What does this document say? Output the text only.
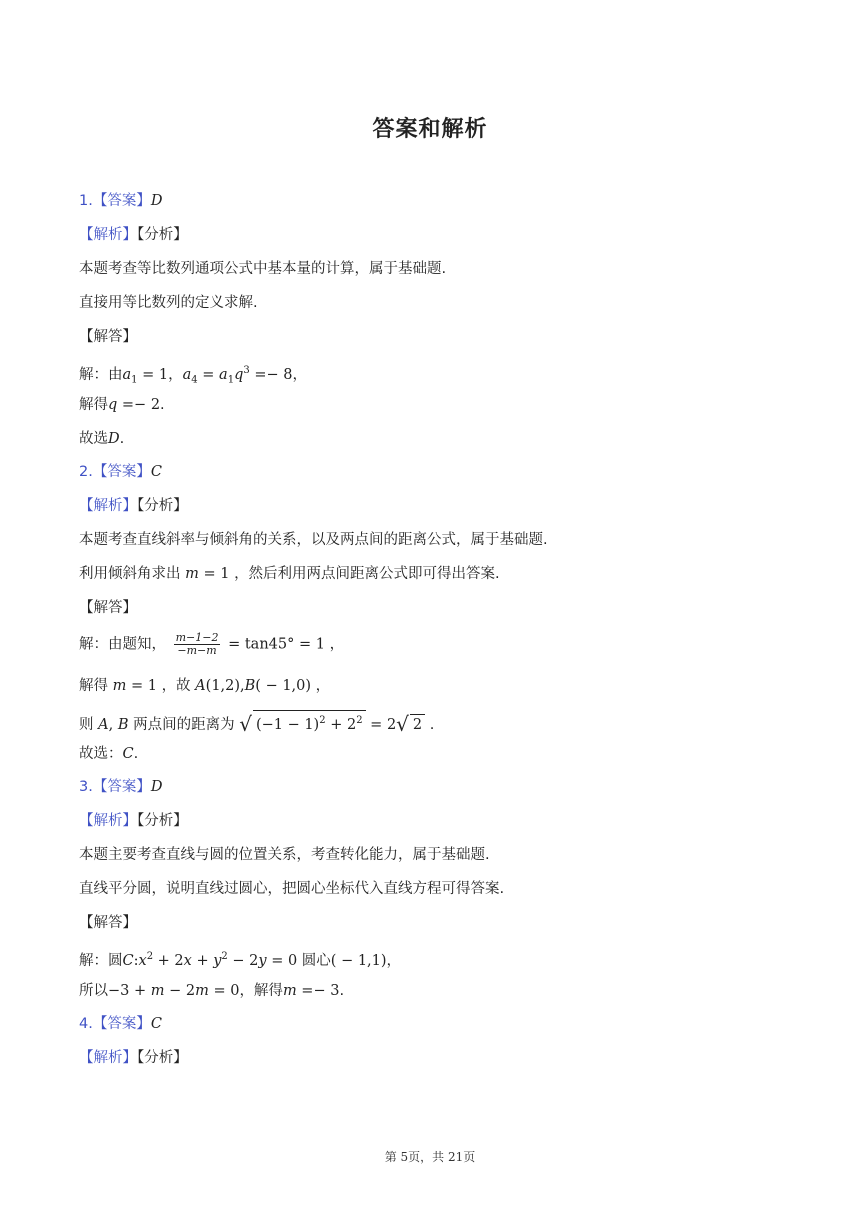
答案和解析
1.【答案】D
【解析】【分析】
本题考查等比数列通项公式中基本量的计算，属于基础题.
直接用等比数列的定义求解.
【解答】
解：由$a_1 = 1$，$a_4 = a_1q^3 =- 8$，
解得q =− 2.
故选D.
2.【答案】C
【解析】【分析】
本题考查直线斜率与倾斜角的关系，以及两点间的距离公式，属于基础题.
利用倾斜角求出 m = 1 ，然后利用两点间距离公式即可得出答案.
【解答】
解：由题知， $\frac{m-1-2}{-m-m} = \tan 45^\circ = 1$ ，
解得 m = 1 ，故 A(1,2),B( − 1,0) ，
则 A, B 两点间的距离为 √ $(-1 - 1)^2 + 2^2 = 2√$ 2 .
故选：C.
3.【答案】D
【解析】【分析】
本题主要考查直线与圆的位置关系，考查转化能力，属于基础题.
直线平分圆，说明直线过圆心，把圆心坐标代入直线方程可得答案.
【解答】
解：圆$C:x^2 + 2x + y^2 - 2y = 0$ 圆心( − 1,1)，
所以−3 + m − 2m = 0，解得m =− 3.
4.【答案】C
【解析】【分析】
第 5页，共 21页
